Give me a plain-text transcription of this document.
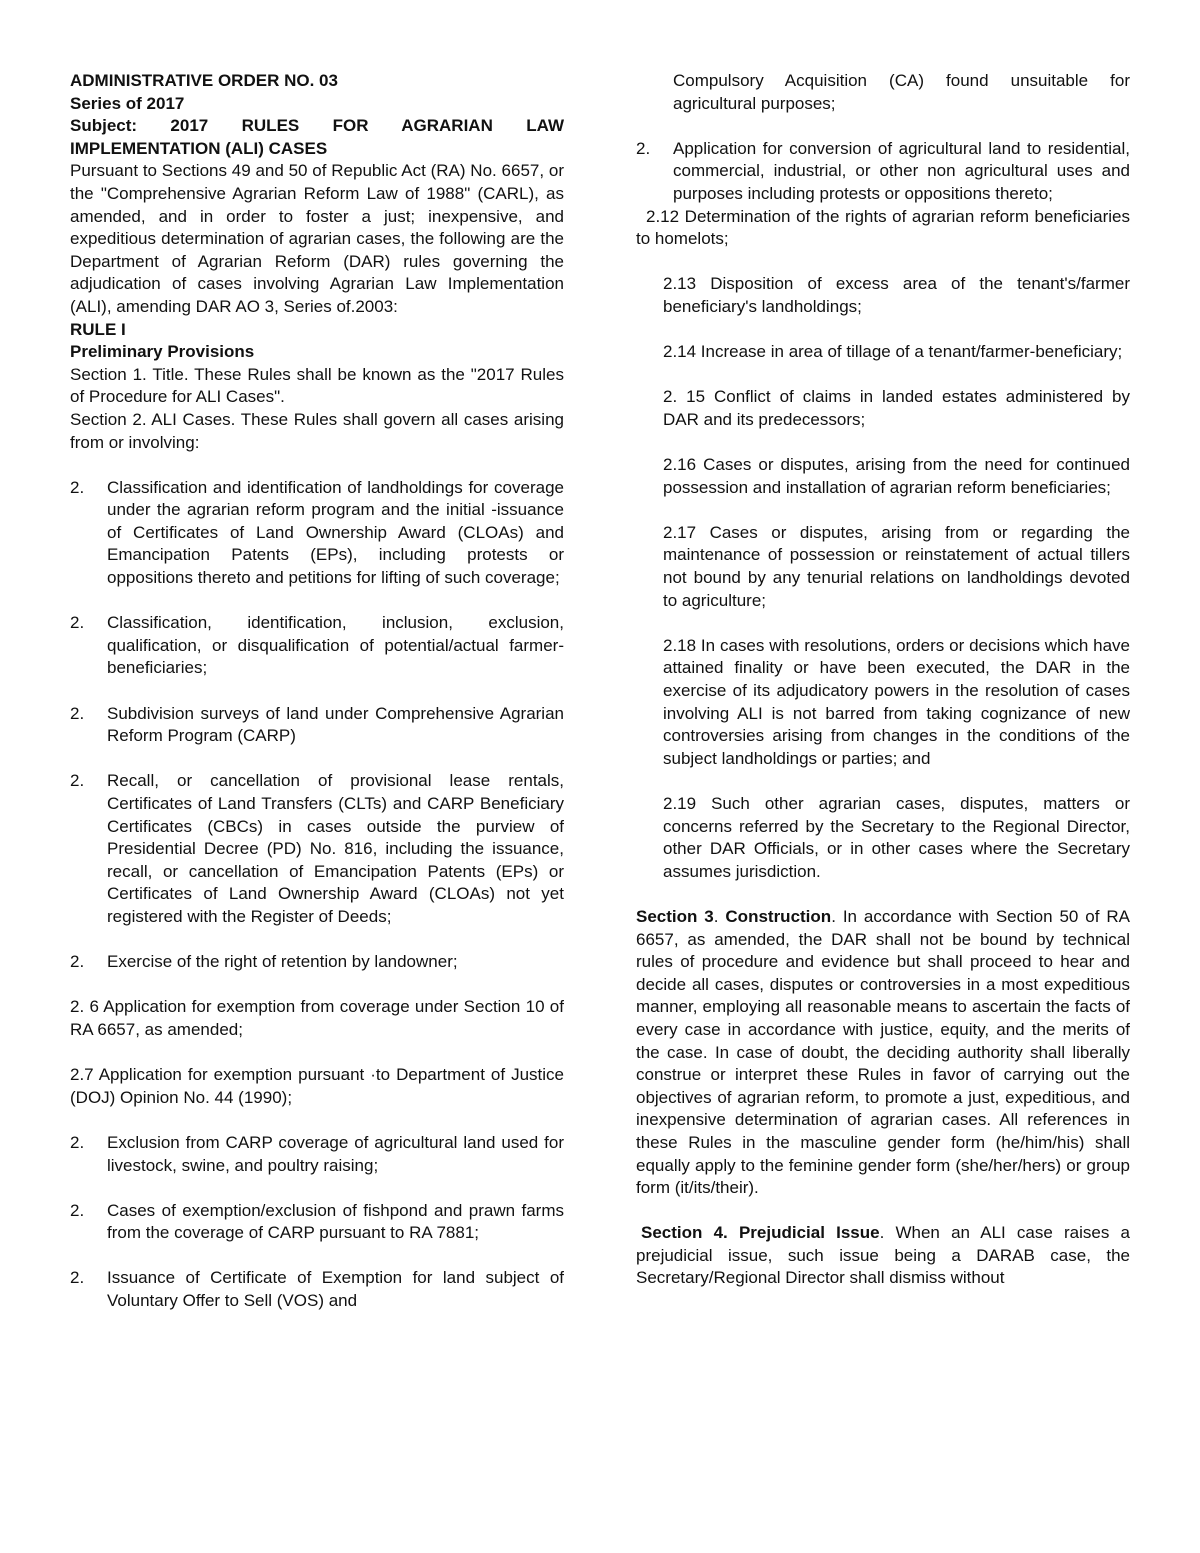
ADMINISTRATIVE ORDER NO. 03

Series of 2017

Subject: 2017 RULES FOR AGRARIAN LAW IMPLEMENTATION (ALI) CASES

Pursuant to Sections 49 and 50 of Republic Act (RA) No. 6657, or the "Comprehensive Agrarian Reform Law of 1988" (CARL), as amended, and in order to foster a just; inexpensive, and expeditious determination of agrarian cases, the following are the Department of Agrarian Reform (DAR) rules governing the adjudication of cases involving Agrarian Law Implementation (ALI), amending DAR AO 3, Series of.2003:

RULE I

Preliminary Provisions

Section 1. Title. These Rules shall be known as the "2017 Rules of Procedure for ALI Cases".

Section 2. ALI Cases. These Rules shall govern all cases arising from or involving:

2. Classification and identification of landholdings for coverage under the agrarian reform program and the initial -issuance of Certificates of Land Ownership Award (CLOAs) and Emancipation Patents (EPs), including protests or oppositions thereto and petitions for lifting of such coverage;
2. Classification, identification, inclusion, exclusion, qualification, or disqualification of potential/actual farmer-beneficiaries;
2. Subdivision surveys of land under Comprehensive Agrarian Reform Program (CARP)
2. Recall, or cancellation of provisional lease rentals, Certificates of Land Transfers (CLTs) and CARP Beneficiary Certificates (CBCs) in cases outside the purview of Presidential Decree (PD) No. 816, including the issuance, recall, or cancellation of Emancipation Patents (EPs) or Certificates of Land Ownership Award (CLOAs) not yet registered with the Register of Deeds;
2. Exercise of the right of retention by landowner;

2. 6 Application for exemption from coverage under Section 10 of RA 6657, as amended;

2.7 Application for exemption pursuant ·to Department of Justice (DOJ) Opinion No. 44 (1990);

2. Exclusion from CARP coverage of agricultural land used for livestock, swine, and poultry raising;
2. Cases of exemption/exclusion of fishpond and prawn farms from the coverage of CARP pursuant to RA 7881;
2. Issuance of Certificate of Exemption for land subject of Voluntary Offer to Sell (VOS) and

Compulsory Acquisition (CA) found unsuitable for agricultural purposes;

2. Application for conversion of agricultural land to residential, commercial, industrial, or other non agricultural uses and purposes including protests or oppositions thereto;

2.12 Determination of the rights of agrarian reform beneficiaries to homelots;

2.13 Disposition of excess area of the tenant's/farmer beneficiary's landholdings;

2.14 Increase in area of tillage of a tenant/farmer-beneficiary;

2. 15 Conflict of claims in landed estates administered by DAR and its predecessors;

2.16 Cases or disputes, arising from the need for continued possession and installation of agrarian reform beneficiaries;

2.17 Cases or disputes, arising from or regarding the maintenance of possession or reinstatement of actual tillers not bound by any tenurial relations on landholdings devoted to agriculture;

2.18 In cases with resolutions, orders or decisions which have attained finality or have been executed, the DAR in the exercise of its adjudicatory powers in the resolution of cases involving ALI is not barred from taking cognizance of new controversies arising from changes in the conditions of the subject landholdings or parties; and

2.19 Such other agrarian cases, disputes, matters or concerns referred by the Secretary to the Regional Director, other DAR Officials, or in other cases where the Secretary assumes jurisdiction.

Section 3. Construction. In accordance with Section 50 of RA 6657, as amended, the DAR shall not be bound by technical rules of procedure and evidence but shall proceed to hear and decide all cases, disputes or controversies in a most expeditious manner, employing all reasonable means to ascertain the facts of every case in accordance with justice, equity, and the merits of the case. In case of doubt, the deciding authority shall liberally construe or interpret these Rules in favor of carrying out the objectives of agrarian reform, to promote a just, expeditious, and inexpensive determination of agrarian cases. All references in these Rules in the masculine gender form (he/him/his) shall equally apply to the feminine gender form (she/her/hers) or group form (it/its/their).

Section 4. Prejudicial Issue. When an ALI case raises a prejudicial issue, such issue being a DARAB case, the Secretary/Regional Director shall dismiss without
